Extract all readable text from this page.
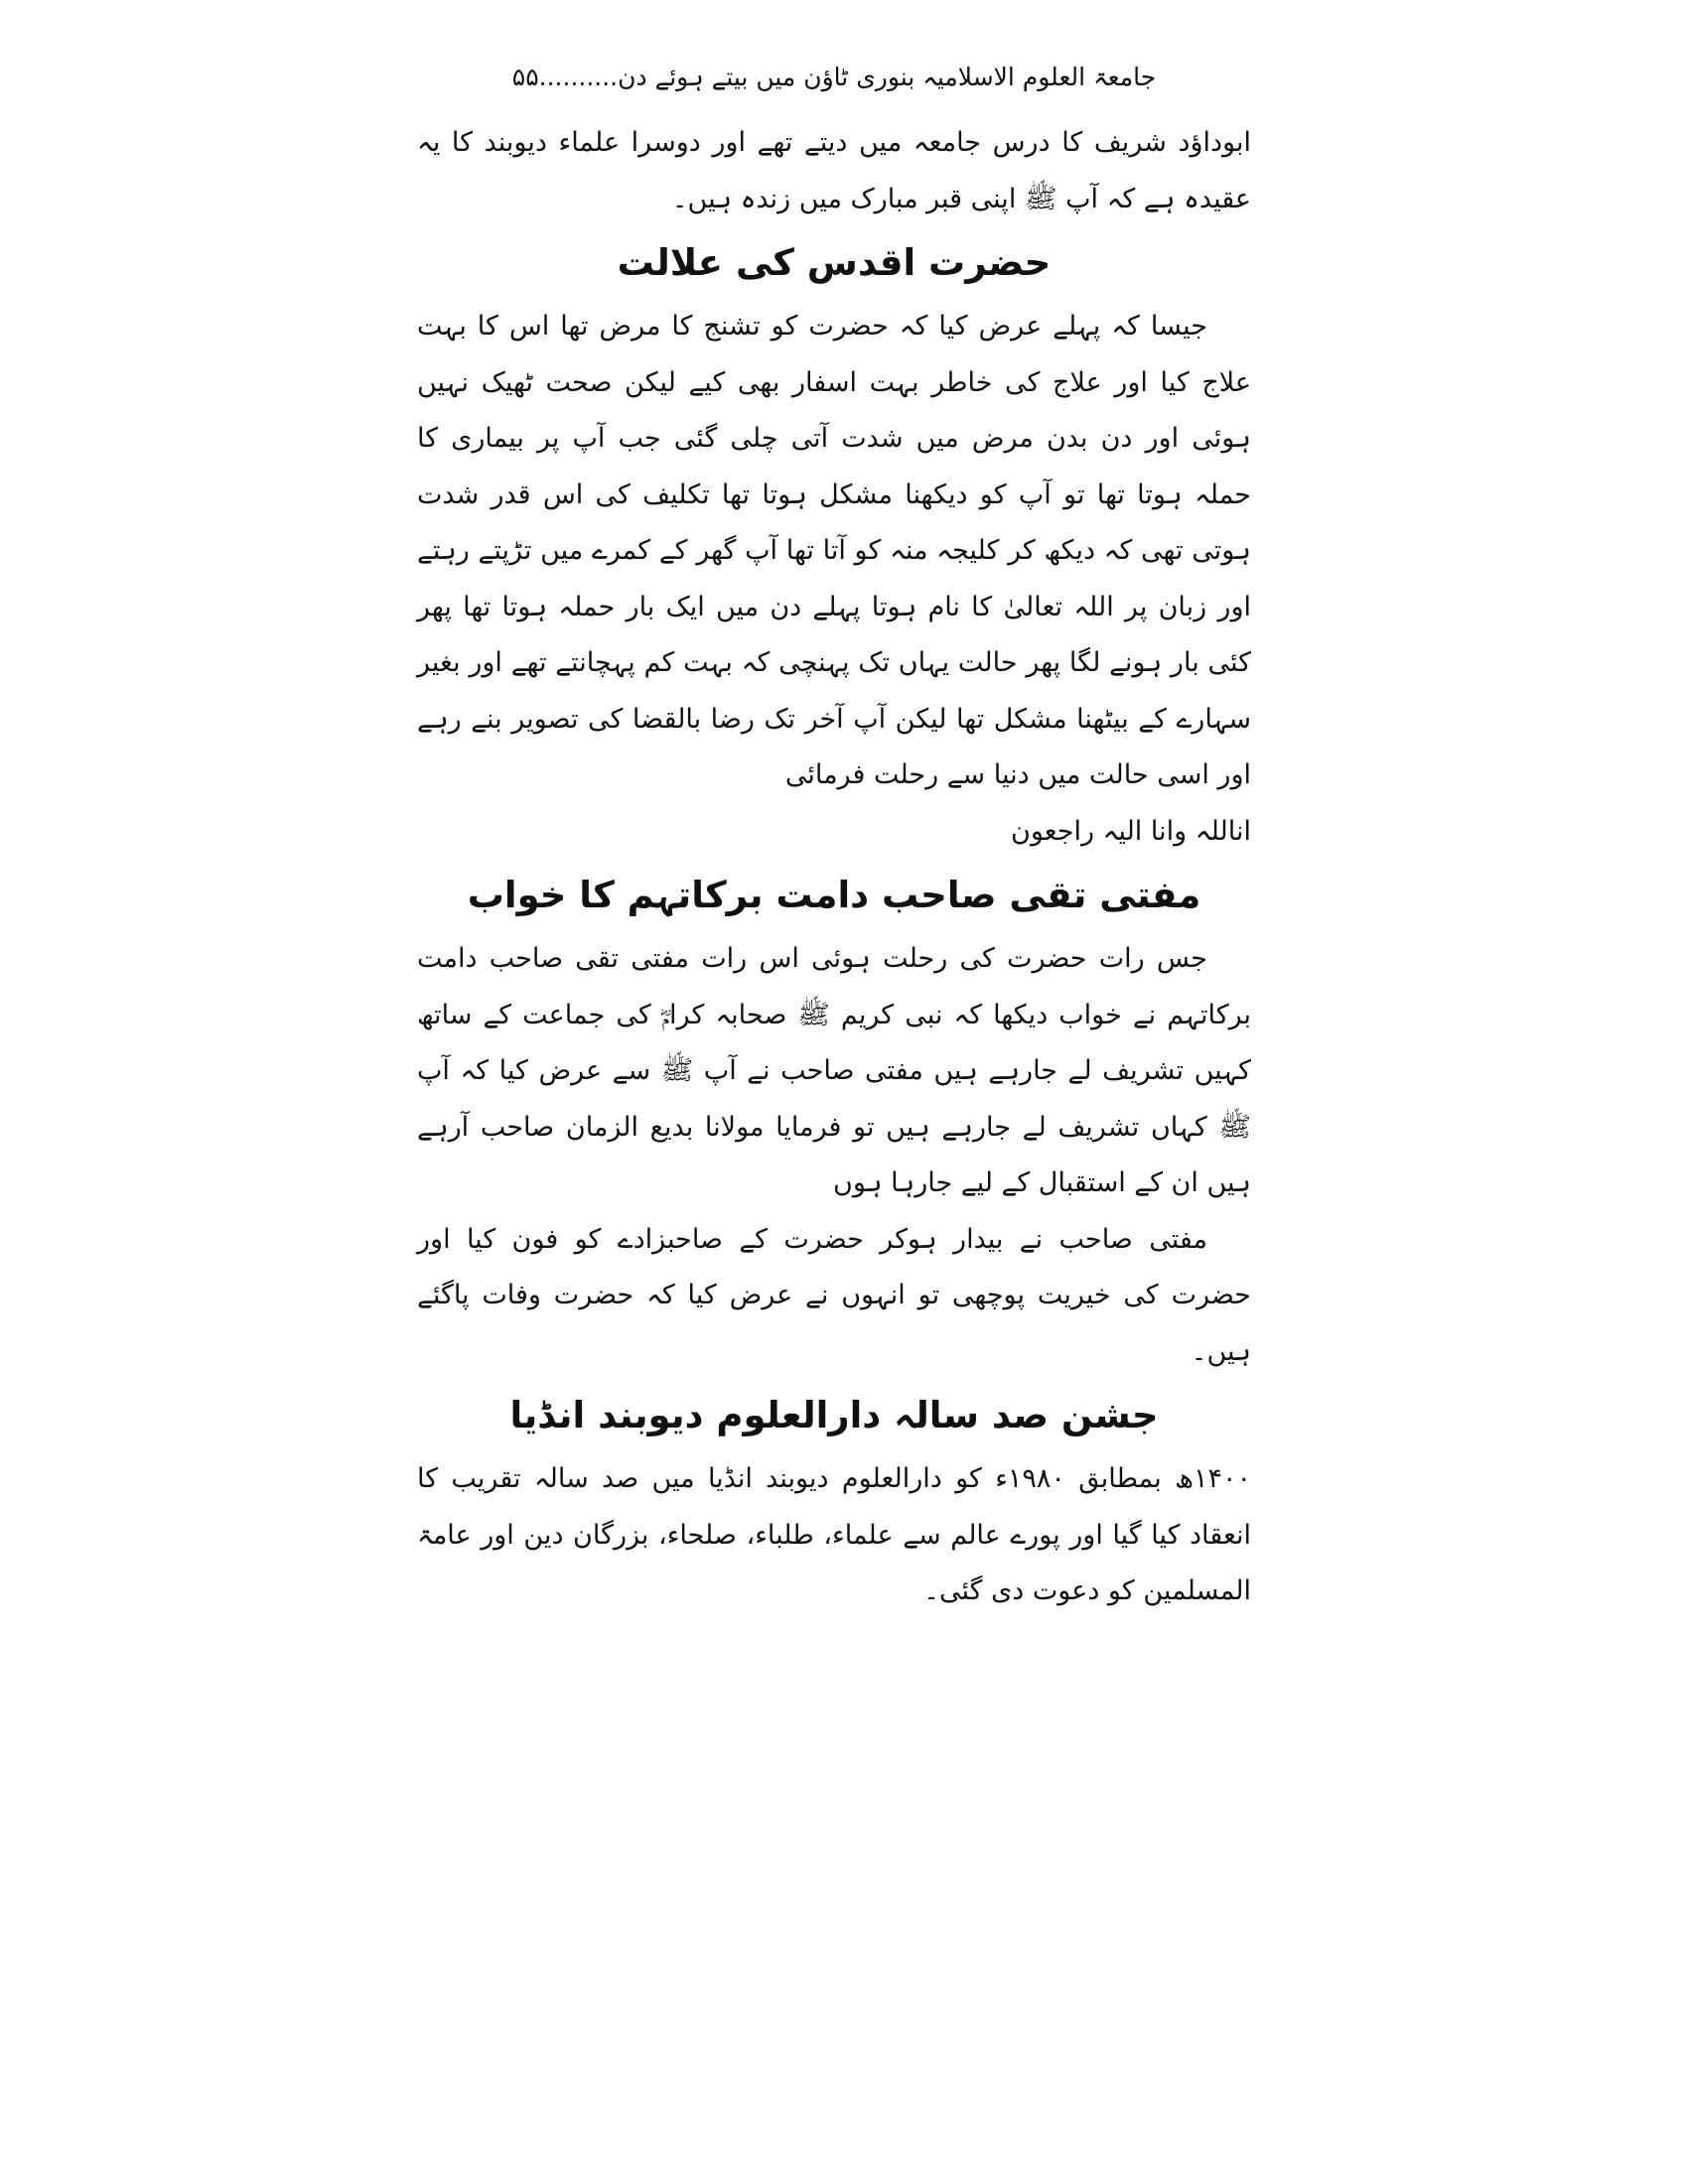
جامعۃ العلوم الاسلامیہ بنوری ٹاؤن میں بیتے ہوئے دن..........۵۵

ابوداؤد شریف کا درس جامعہ میں دیتے تھے اور دوسرا علماء دیوبند کا یہ عقیدہ ہے کہ آپ ﷺ اپنی قبر مبارک میں زندہ ہیں۔

حضرت اقدس کی علالت

جیسا کہ پہلے عرض کیا کہ حضرت کو تشنج کا مرض تھا اس کا بہت علاج کیا اور علاج کی خاطر بہت اسفار بھی کیے لیکن صحت ٹھیک نہیں ہوئی اور دن بدن مرض میں شدت آتی چلی گئی جب آپ پر بیماری کا حملہ ہوتا تھا تو آپ کو دیکھنا مشکل ہوتا تھا تکلیف کی اس قدر شدت ہوتی تھی کہ دیکھ کر کلیجہ منہ کو آتا تھا آپ گھر کے کمرے میں تڑپتے رہتے اور زبان پر اللہ تعالیٰ کا نام ہوتا پہلے دن میں ایک بار حملہ ہوتا تھا پھر کئی بار ہونے لگا پھر حالت یہاں تک پہنچی کہ بہت کم پہچانتے تھے اور بغیر سہارے کے بیٹھنا مشکل تھا لیکن آپ آخر تک رضا بالقضا کی تصویر بنے رہے اور اسی حالت میں دنیا سے رحلت فرمائی

اناللہ وانا الیہ راجعون

مفتی تقی صاحب دامت برکاتہم کا خواب

جس رات حضرت کی رحلت ہوئی اس رات مفتی تقی صاحب دامت برکاتہم نے خواب دیکھا کہ نبی کریم ﷺ صحابہ کرامؓ کی جماعت کے ساتھ کہیں تشریف لے جارہے ہیں مفتی صاحب نے آپ ﷺ سے عرض کیا کہ آپ ﷺ کہاں تشریف لے جارہے ہیں تو فرمایا مولانا بدیع الزمان صاحب آرہے ہیں ان کے استقبال کے لیے جارہا ہوں

مفتی صاحب نے بیدار ہوکر حضرت کے صاحبزادے کو فون کیا اور حضرت کی خیریت پوچھی تو انہوں نے عرض کیا کہ حضرت وفات پاگئے ہیں۔

جشن صد سالہ دارالعلوم دیوبند انڈیا

۱۴۰۰ھ بمطابق ۱۹۸۰ء کو دارالعلوم دیوبند انڈیا میں صد سالہ تقریب کا انعقاد کیا گیا اور پورے عالم سے علماء، طلباء، صلحاء، بزرگان دین اور عامۃ المسلمین کو دعوت دی گئی۔
